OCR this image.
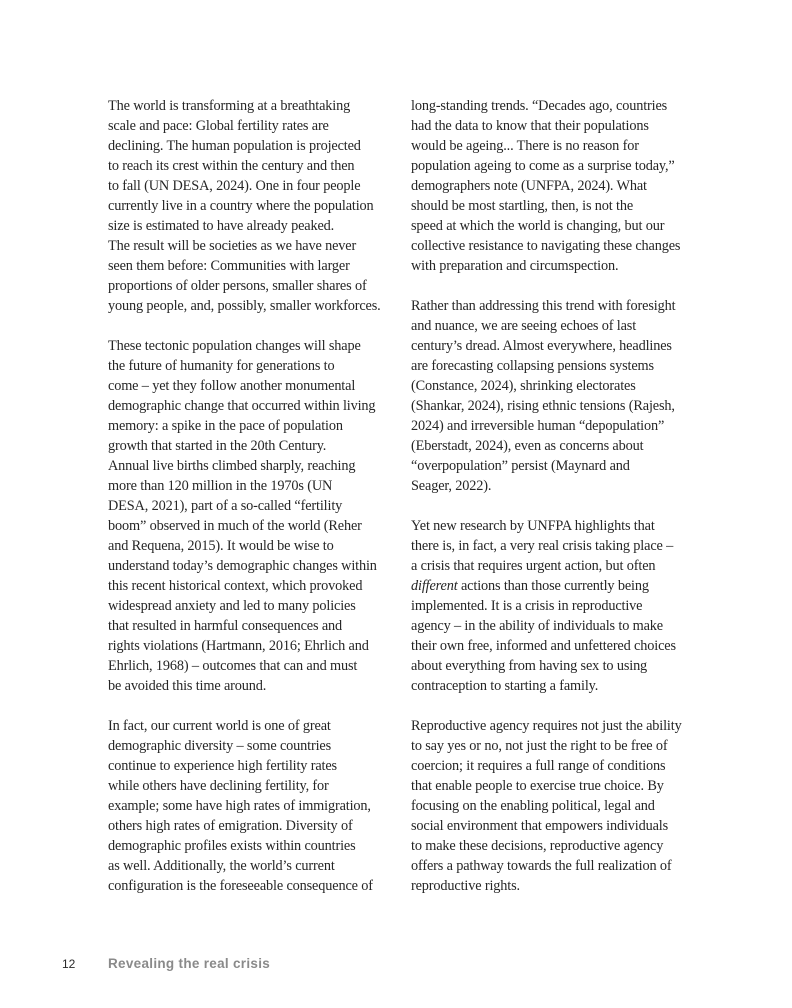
The world is transforming at a breathtaking
scale and pace: Global fertility rates are
declining. The human population is projected
to reach its crest within the century and then
to fall (UN DESA, 2024). One in four people
currently live in a country where the population
size is estimated to have already peaked.
The result will be societies as we have never
seen them before: Communities with larger
proportions of older persons, smaller shares of
young people, and, possibly, smaller workforces.
These tectonic population changes will shape
the future of humanity for generations to
come – yet they follow another monumental
demographic change that occurred within living
memory: a spike in the pace of population
growth that started in the 20th Century.
Annual live births climbed sharply, reaching
more than 120 million in the 1970s (UN
DESA, 2021), part of a so-called “fertility
boom” observed in much of the world (Reher
and Requena, 2015). It would be wise to
understand today’s demographic changes within
this recent historical context, which provoked
widespread anxiety and led to many policies
that resulted in harmful consequences and
rights violations (Hartmann, 2016; Ehrlich and
Ehrlich, 1968) – outcomes that can and must
be avoided this time around.
In fact, our current world is one of great
demographic diversity – some countries
continue to experience high fertility rates
while others have declining fertility, for
example; some have high rates of immigration,
others high rates of emigration. Diversity of
demographic profiles exists within countries
as well. Additionally, the world’s current
configuration is the foreseeable consequence of
long-standing trends. “Decades ago, countries
had the data to know that their populations
would be ageing... There is no reason for
population ageing to come as a surprise today,”
demographers note (UNFPA, 2024). What
should be most startling, then, is not the
speed at which the world is changing, but our
collective resistance to navigating these changes
with preparation and circumspection.
Rather than addressing this trend with foresight
and nuance, we are seeing echoes of last
century’s dread. Almost everywhere, headlines
are forecasting collapsing pensions systems
(Constance, 2024), shrinking electorates
(Shankar, 2024), rising ethnic tensions (Rajesh,
2024) and irreversible human “depopulation”
(Eberstadt, 2024), even as concerns about
“overpopulation” persist (Maynard and
Seager, 2022).
Yet new research by UNFPA highlights that
there is, in fact, a very real crisis taking place –
a crisis that requires urgent action, but often
different actions than those currently being
implemented. It is a crisis in reproductive
agency – in the ability of individuals to make
their own free, informed and unfettered choices
about everything from having sex to using
contraception to starting a family.
Reproductive agency requires not just the ability
to say yes or no, not just the right to be free of
coercion; it requires a full range of conditions
that enable people to exercise true choice. By
focusing on the enabling political, legal and
social environment that empowers individuals
to make these decisions, reproductive agency
offers a pathway towards the full realization of
reproductive rights.
12 Revealing the real crisis
